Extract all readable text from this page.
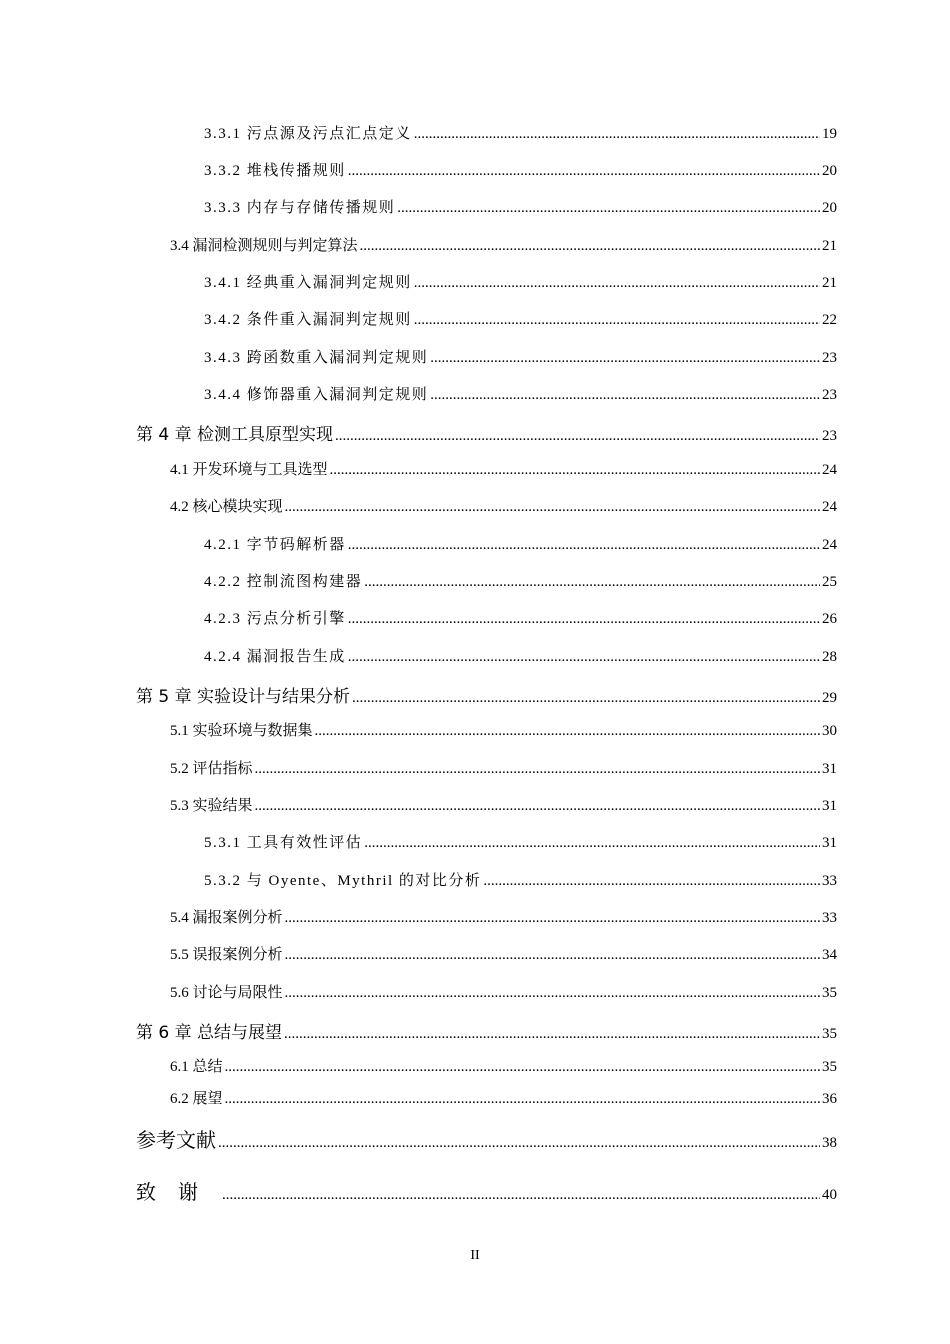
3.3.1 污点源及污点汇点定义 .....	19
3.3.2 堆栈传播规则 .....	20
3.3.3 内存与存储传播规则 .....	20
3.4 漏洞检测规则与判定算法 .....	21
3.4.1 经典重入漏洞判定规则 .....	21
3.4.2 条件重入漏洞判定规则 .....	22
3.4.3 跨函数重入漏洞判定规则 .....	23
3.4.4 修饰器重入漏洞判定规则 .....	23
第 4 章 检测工具原型实现 .....	23
4.1 开发环境与工具选型 .....	24
4.2 核心模块实现 .....	24
4.2.1 字节码解析器 .....	24
4.2.2 控制流图构建器 .....	25
4.2.3 污点分析引擎 .....	26
4.2.4 漏洞报告生成 .....	28
第 5 章 实验设计与结果分析 .....	29
5.1 实验环境与数据集 .....	30
5.2 评估指标 .....	31
5.3 实验结果 .....	31
5.3.1 工具有效性评估 .....	31
5.3.2 与 Oyente、Mythril 的对比分析 .....	33
5.4 漏报案例分析 .....	33
5.5 误报案例分析 .....	34
5.6 讨论与局限性 .....	35
第 6 章 总结与展望 .....	35
6.1 总结 .....	35
6.2 展望 .....	36
参考文献 .....	38
致谢 .....	40
II
